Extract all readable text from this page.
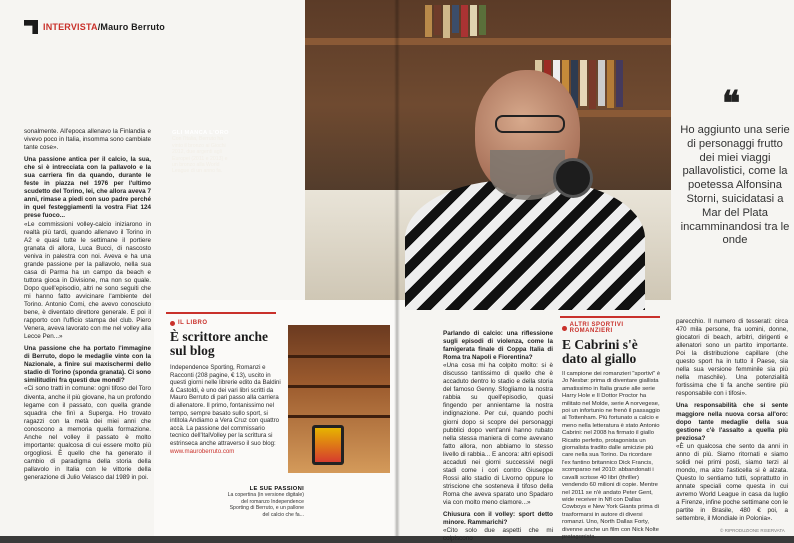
INTERVISTA/Mauro Berruto
sonalmente. All'epoca allenavo la Finlandia e vivevo poco in Italia, insomma sono cambiate tante cose».
Una passione antica per il calcio, la sua, che si è intrecciata con la pallavolo e la sua carriera fin da quando, durante le feste in piazza nel 1976 per l'ultimo scudetto del Torino, lei, che allora aveva 7 anni, rimase a piedi con suo padre perché in quel festeggiamenti la vostra Fiat 124 prese fuoco...
«Le commissioni volley-calcio iniziarono in realtà più tardi, quando allenavo il Torino in A2 e quasi tutte le settimane il portiere granata di allora, Luca Bucci, di nascosto veniva in palestra con noi. Aveva e ha una grande passione per la pallavolo, nella sua casa di Parma ha un campo da beach e tuttora gioca in Divisione, ma non so quale. Dopo quell'episodio, altri ne sono seguiti che mi hanno fatto avvicinare l'ambiente del Torino. Antonio Comi, che avevo conosciuto bene, è diventato direttore generale. E poi il rapporto con l'ufficio stampa del club. Piero Venera, aveva lavorato con me nel volley alla Lecce Pen...»
Una passione che ha portato l'immagine di Berruto, dopo le medaglie vinte con la Nazionale, a finire sui maxischermi dello stadio di Torino (sponda granata). Ci sono similitudini fra questi due mondi?
«Ci sono tratti in comune: ogni tifoso del Toro diventa, anche il più giovane, ha un profondo legame con il passato, con quella grande squadra che finì a Superga. Ho trovato ragazzi con la metà dei miei anni che conoscono a memoria quella formazione. Anche nel volley il passato è molto importante: qualcosa di cui essere molto più orgogliosi. È quello che ha generato il cambio di paradigma della storia della pallavolo in Italia con le vittorie della generazione di Julio Velasco dal 1989 in poi.
GLI MANCA L'ORO
Con l'Italia, Berruto ha vinto il bronzo ai Giochi 2012, due argenti agli Europei (2011 e 2013) e un bronzo alla World League di un anno fa.
IL LIBRO
È scrittore anche sul blog
Independence Sporting, Romanzi e Racconti (208 pagine, € 13), uscito in questi giorni nelle librerie edito da Baldini & Castoldi, è uno dei vari libri scritti da Mauro Berruto di pari passo alla carriera di allenatore. Il primo, fontanissimo nel tempo, sempre basato sullo sport, si intitola Andiamo a Vera Cruz con quattro accà. La passione del commissario tecnico dell'ItalVolley per la scrittura si estrinseca anche attraverso il suo blog: www.mauroberruto.com
LE SUE PASSIONI
La copertina (in versione digitale) del romanzo Independence Sporting di Berruto, e un pallone del calcio che fa...
Parlando di calcio: una riflessione sugli episodi di violenza, come la famigerata finale di Coppa Italia di Roma tra Napoli e Fiorentina?
«Una cosa mi ha colpito molto: si è discusso tantissimo di quello che è accaduto dentro lo stadio e della storia del famoso Genny. Sfogliamo la nostra rabbia su quell'episodio, quasi fingendo per annientarne la nostra indignazione. Per cui, quando pochi giorni dopo si scopre dei personaggi pubblici dopo vent'anni hanno rubato nella stessa maniera di come avevano fatto allora, non abbiamo lo stesso livello di rabbia... E ancora: altri episodi accaduti nei giorni successivi negli stadi come i cori contro Giuseppe Rossi allo stadio di Livorno oppure lo striscione che sosteneva il tifoso della Roma che aveva sparato uno Spadaro via con molto meno clamore...»
Chiusura con il volley: sport detto minore. Rammarichi?
«Cito solo due aspetti che mi colpiscono
ALTRI SPORTIVI ROMANZIERI
E Cabrini s'è dato al giallo
Il campione dei romanzieri "sportivi" è Jo Nesbø: prima di diventare giallista amatissimo in Italia grazie alle serie Harry Hole e Il Dottor Proctor ha militato nel Molde, serie A norvegese, poi un infortunio ne frenò il passaggio al Tottenham. Più fortunato a calcio e meno nella letteratura è stato Antonio Cabrini: nel 2008 ha firmato il giallo Ricatto perfetto, protagonista un giornalista tradito dalle amicizie più care nella sua Torino. Da ricordare l'ex fantino britannico Dick Francis, scomparso nel 2010: abbandonati i cavalli scrisse 40 libri (thriller) vendendo 60 milioni di copie. Mentre nel 2011 se n'è andato Peter Gent, wide receiver in Nfl con Dallas Cowboys e New York Giants prima di trasformarsi in autore di diversi romanzi. Uno, North Dallas Forty, divenne anche un film con Nick Nolte protagonista.
parecchio. Il numero di tesserati: circa 470 mila persone, fra uomini, donne, giocatori di beach, arbitri, dirigenti e allenatori sono un partito importante. Poi la distribuzione capillare (che questo sport ha in tutto il Paese, sia nella sua versione femminile sia più nella maschile). Una potenzialità fortissima che ti fa anche sentire più responsabile con i tifosi».
Una responsabilità che si sente maggiore nella nuova corsa all'oro: dopo tante medaglie della sua gestione c'è l'assalto a quella più preziosa?
«È un qualcosa che sento da anni in anno di più. Siamo ritornati e siamo solidi nei primi posti, siamo terzi al mondo, ma alzo l'asticella si è alzata. Questo lo sentiamo tutti, soprattutto in annate speciali come questa in cui avremo World League in casa da luglio a Firenze, infine poche settimane con le partite in Brasile, 480 € poi, a settembre, il Mondiale in Polonia».
❝
Ho aggiunto una serie di personaggi frutto dei miei viaggi pallavolistici, come la poetessa Alfonsina Storni, suicidatasi a Mar del Plata incamminandosi tra le onde
© RIPRODUZIONE RISERVATA
